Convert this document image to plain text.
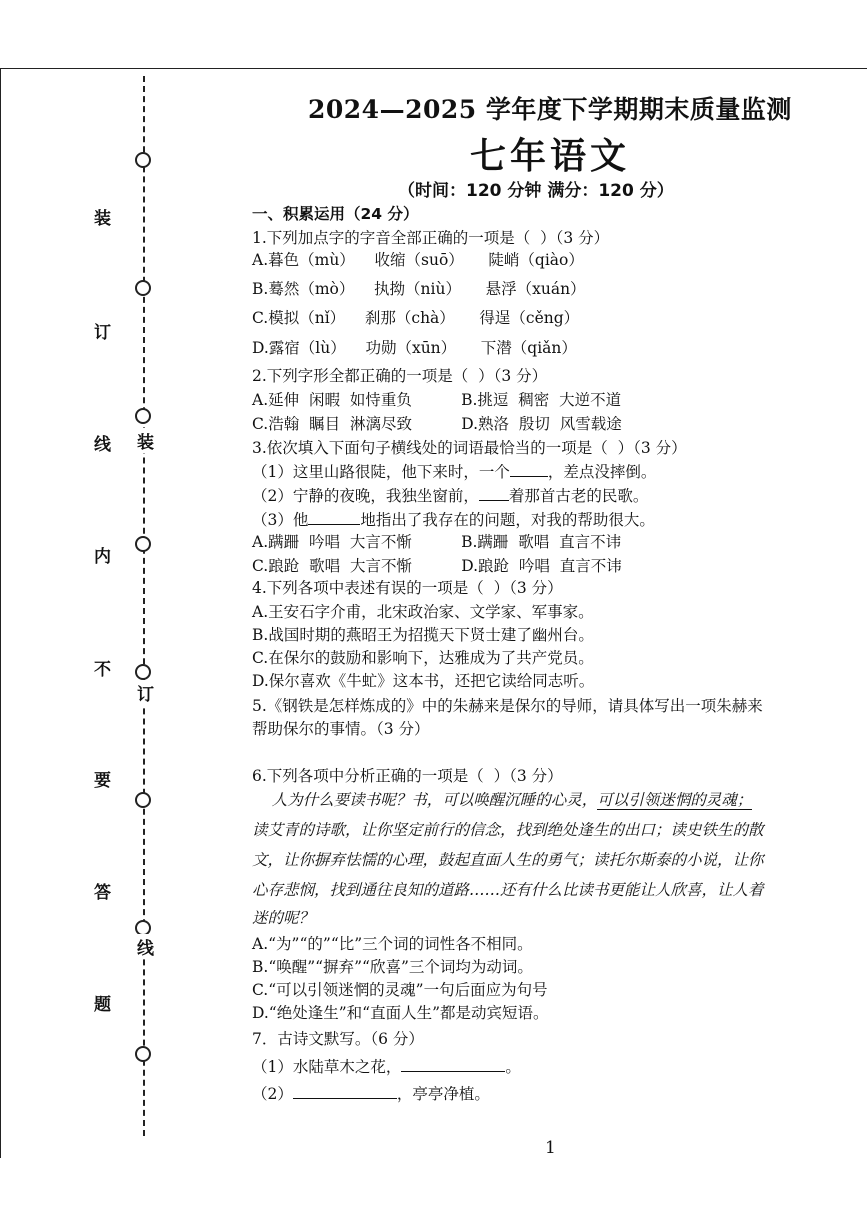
装
订
线
内
不
要
答
题
装
订
线
2024—2025 学年度下学期期末质量监测
七年语文
（时间：120 分钟 满分：120 分）
一、积累运用（24 分）
1.下列加点字的字音全部正确的一项是（  ）（3 分）
A.暮色（mù）    收缩（suō）     陡峭（qiào）
B.蓦然（mò）    执拗（niù）     悬浮（xuán）
C.模拟（nǐ）    刹那（chà）     得逞（cěng）
D.露宿（lù）    功勋（xūn）     下潜（qiǎn）
2.下列字形全都正确的一项是（  ）（3 分）
A.延伸  闲暇  如恃重负          B.挑逗  稠密  大逆不道
C.浩翰  瞩目  淋漓尽致          D.熟洛  殷切  风雪载途
3.依次填入下面句子横线处的词语最恰当的一项是（  ）（3 分）
（1）这里山路很陡，他下来时，一个 ，差点没摔倒。
（2）宁静的夜晚，我独坐窗前， 着那首古老的民歌。
（3）他	地指出了我存在的问题，对我的帮助很大。
A.蹒跚  吟唱  大言不惭          B.蹒跚  歌唱  直言不讳
C.踉跄  歌唱  大言不惭          D.踉跄  吟唱  直言不讳
4.下列各项中表述有误的一项是（  ）（3 分）
A.王安石字介甫，北宋政治家、文学家、军事家。
B.战国时期的燕昭王为招揽天下贤士建了幽州台。
C.在保尔的鼓励和影响下，达雅成为了共产党员。
D.保尔喜欢《牛虻》这本书，还把它读给同志听。
5.《钢铁是怎样炼成的》中的朱赫来是保尔的导师，请具体写出一项朱赫来
帮助保尔的事情。（3 分）
6.下列各项中分析正确的一项是（  ）（3 分）
人为什么要读书呢？书，可以唤醒沉睡的心灵，可以引领迷惘的灵魂；
读艾青的诗歌，让你坚定前行的信念，找到绝处逢生的出口；读史铁生的散
文，让你摒弃怯懦的心理，鼓起直面人生的勇气；读托尔斯泰的小说，让你
心存悲悯，找到通往良知的道路……还有什么比读书更能让人欣喜，让人着
迷的呢？
A.“为”“的”“比”三个词的词性各不相同。
B.“唤醒”“摒弃”“欣喜”三个词均为动词。
C.“可以引领迷惘的灵魂”一句后面应为句号
D.“绝处逢生”和“直面人生”都是动宾短语。
7．古诗文默写。（6 分）
（1）水陆草木之花，	。
（2）	，亭亭净植。
1
